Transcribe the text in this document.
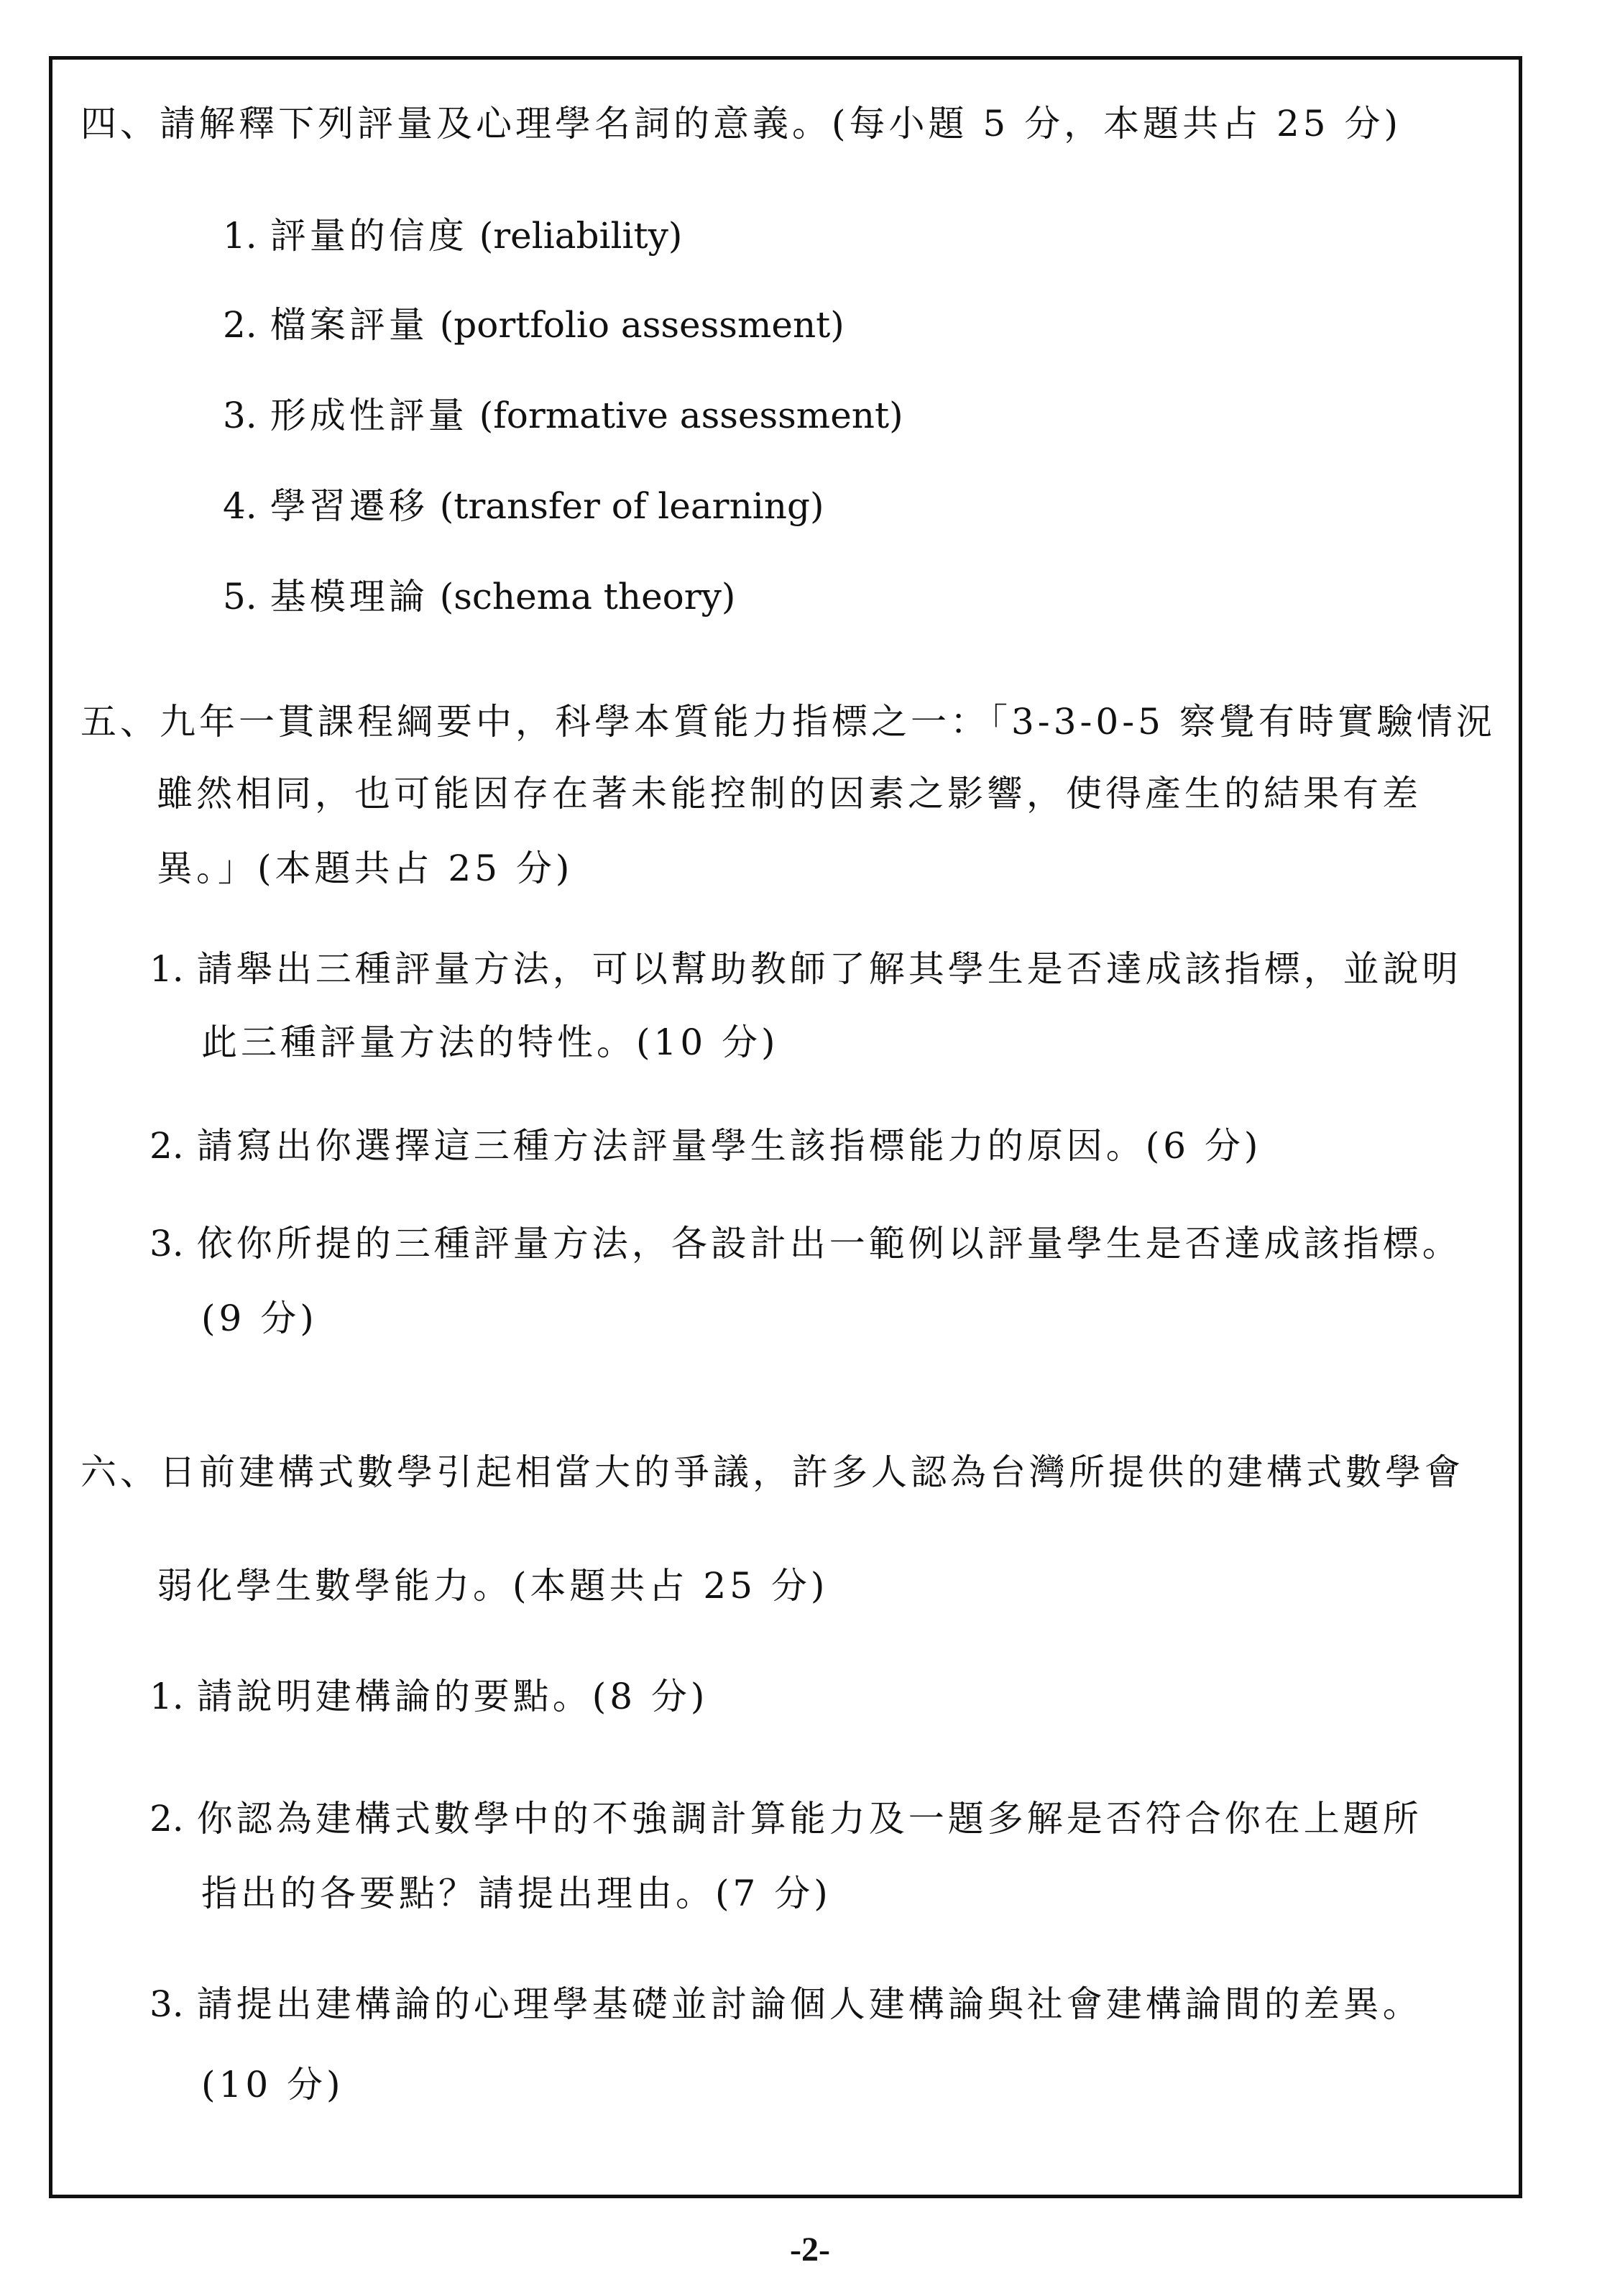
四、請解釋下列評量及心理學名詞的意義。(每小題 5 分，本題共占 25 分)
1. 評量的信度 (reliability)
2. 檔案評量 (portfolio assessment)
3. 形成性評量 (formative assessment)
4. 學習遷移 (transfer of learning)
5. 基模理論 (schema theory)
五、九年一貫課程綱要中，科學本質能力指標之一：「3-3-0-5 察覺有時實驗情況
雖然相同，也可能因存在著未能控制的因素之影響，使得產生的結果有差
異。」(本題共占 25 分)
1. 請舉出三種評量方法，可以幫助教師了解其學生是否達成該指標，並說明
此三種評量方法的特性。(10 分)
2. 請寫出你選擇這三種方法評量學生該指標能力的原因。(6 分)
3. 依你所提的三種評量方法，各設計出一範例以評量學生是否達成該指標。
(9 分)
六、日前建構式數學引起相當大的爭議，許多人認為台灣所提供的建構式數學會
弱化學生數學能力。(本題共占 25 分)
1. 請說明建構論的要點。(8 分)
2. 你認為建構式數學中的不強調計算能力及一題多解是否符合你在上題所
指出的各要點？請提出理由。(7 分)
3. 請提出建構論的心理學基礎並討論個人建構論與社會建構論間的差異。
(10 分)
-2-
